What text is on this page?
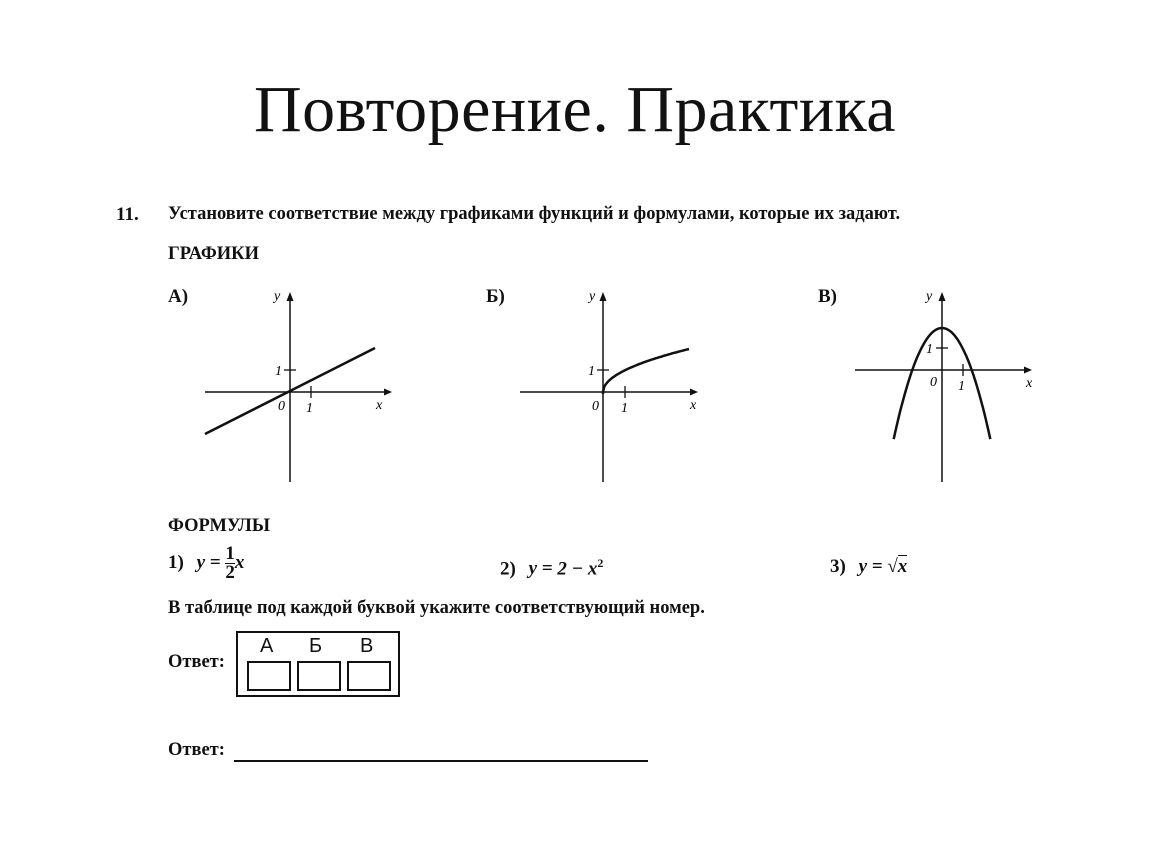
Повторение. Практика
11. Установите соответствие между графиками функций и формулами, которые их задают.
ГРАФИКИ
А)	y
x
0 1
1
Б)	y
x
0 1
1
В)	y
x
0 1
1
ФОРМУЛЫ
1) $y = \frac{1}{2}$ x	2) $y = 2 - x^2$	3) y = √x
В таблице под каждой буквой укажите соответствующий номер.
Ответ:
А Б В
Ответ:
